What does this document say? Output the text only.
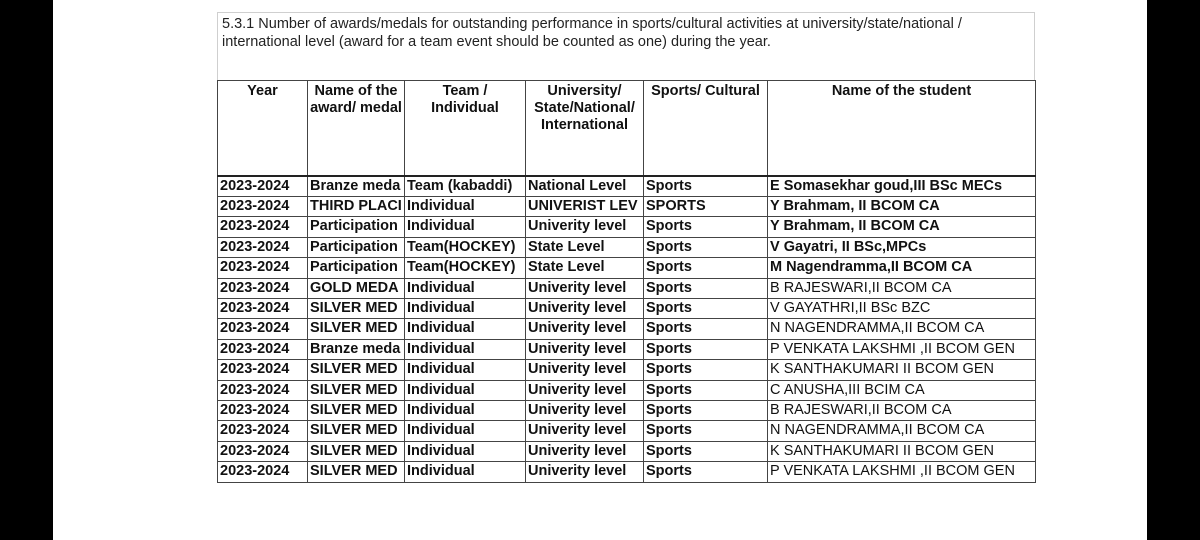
5.3.1 Number of awards/medals for outstanding performance in sports/cultural activities at university/state/national /
international level (award for a team event should be counted as one) during the year.
Year	Name of the award/ medal	Team / Individual	University/ State/National/ International	Sports/ Cultural	Name of the student
2023-2024	Branze meda	Team (kabaddi)	National Level	Sports	E Somasekhar goud,III BSc MECs
2023-2024	THIRD PLACI	Individual	UNIVERIST LEV	SPORTS	Y Brahmam, II BCOM CA
2023-2024	Participation	Individual	Univerity level	Sports	Y Brahmam, II BCOM CA
2023-2024	Participation	Team(HOCKEY)	State Level	Sports	V Gayatri, II BSc,MPCs
2023-2024	Participation	Team(HOCKEY)	State Level	Sports	M Nagendramma,II BCOM CA
2023-2024	GOLD MEDA	Individual	Univerity level	Sports	B RAJESWARI,II BCOM CA
2023-2024	SILVER MED	Individual	Univerity level	Sports	V GAYATHRI,II BSc BZC
2023-2024	SILVER MED	Individual	Univerity level	Sports	N NAGENDRAMMA,II BCOM CA
2023-2024	Branze meda	Individual	Univerity level	Sports	P VENKATA LAKSHMI ,II BCOM GEN
2023-2024	SILVER MED	Individual	Univerity level	Sports	K SANTHAKUMARI II BCOM GEN
2023-2024	SILVER MED	Individual	Univerity level	Sports	C ANUSHA,III BCIM CA
2023-2024	SILVER MED	Individual	Univerity level	Sports	B RAJESWARI,II BCOM CA
2023-2024	SILVER MED	Individual	Univerity level	Sports	N NAGENDRAMMA,II BCOM CA
2023-2024	SILVER MED	Individual	Univerity level	Sports	K SANTHAKUMARI II BCOM GEN
2023-2024	SILVER MED	Individual	Univerity level	Sports	P VENKATA LAKSHMI ,II BCOM GEN
